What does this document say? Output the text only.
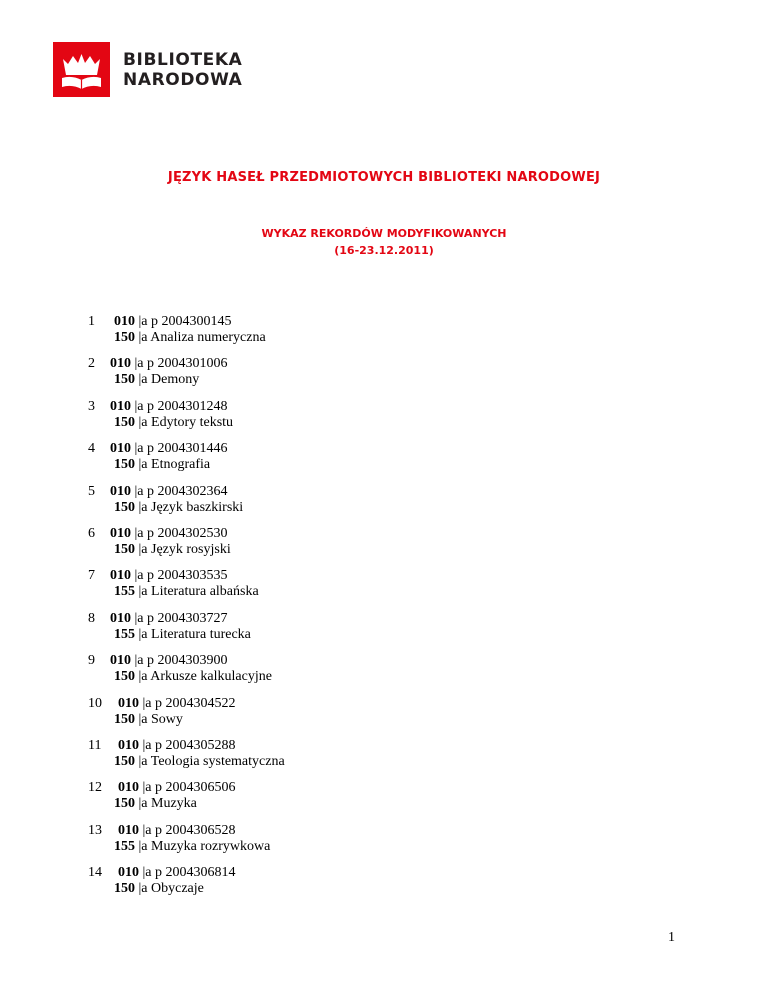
BIBLIOTEKA
NARODOWA
JĘZYK HASEŁ PRZEDMIOTOWYCH BIBLIOTEKI NARODOWEJ
WYKAZ REKORDÓW MODYFIKOWANYCH
(16-23.12.2011)
1 010 |a p 2004300145
150 |a Analiza numeryczna
2 010 |a p 2004301006
150 |a Demony
3 010 |a p 2004301248
150 |a Edytory tekstu
4 010 |a p 2004301446
150 |a Etnografia
5 010 |a p 2004302364
150 |a Język baszkirski
6 010 |a p 2004302530
150 |a Język rosyjski
7 010 |a p 2004303535
155 |a Literatura albańska
8 010 |a p 2004303727
155 |a Literatura turecka
9 010 |a p 2004303900
150 |a Arkusze kalkulacyjne
10 010 |a p 2004304522
150 |a Sowy
11 010 |a p 2004305288
150 |a Teologia systematyczna
12 010 |a p 2004306506
150 |a Muzyka
13 010 |a p 2004306528
155 |a Muzyka rozrywkowa
14 010 |a p 2004306814
150 |a Obyczaje
1
